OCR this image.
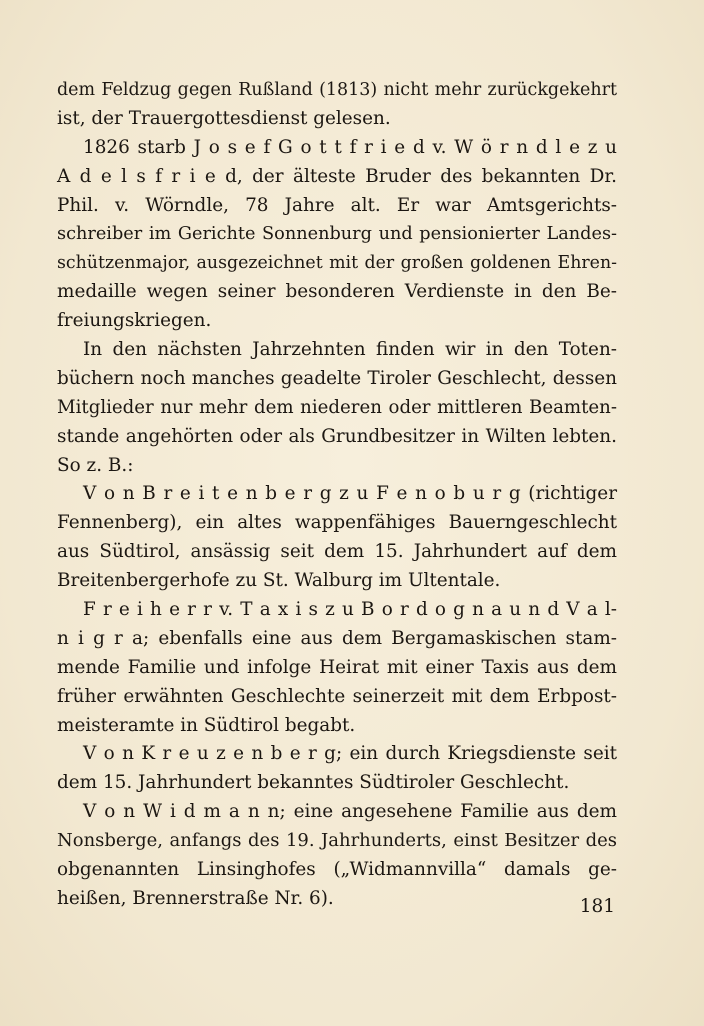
dem Feldzug gegen Rußland (1813) nicht mehr zurückgekehrt
ist, der Trauergottesdienst gelesen.
1826 starb J o s e f G o t t f r i e d v. W ö r n d l e z u
A d e l s f r i e d, der älteste Bruder des bekannten Dr.
Phil. v. Wörndle, 78 Jahre alt. Er war Amtsgerichts-
schreiber im Gerichte Sonnenburg und pensionierter Landes-
schützenmajor, ausgezeichnet mit der großen goldenen Ehren-
medaille wegen seiner besonderen Verdienste in den Be-
freiungskriegen.
In den nächsten Jahrzehnten finden wir in den Toten-
büchern noch manches geadelte Tiroler Geschlecht, dessen
Mitglieder nur mehr dem niederen oder mittleren Beamten-
stande angehörten oder als Grundbesitzer in Wilten lebten.
So z. B.:
V o n B r e i t e n b e r g z u F e n o b u r g (richtiger
Fennenberg), ein altes wappenfähiges Bauerngeschlecht
aus Südtirol, ansässig seit dem 15. Jahrhundert auf dem
Breitenbergerhofe zu St. Walburg im Ultentale.
F r e i h e r r v. T a x i s z u B o r d o g n a u n d V a l-
n i g r a; ebenfalls eine aus dem Bergamaskischen stam-
mende Familie und infolge Heirat mit einer Taxis aus dem
früher erwähnten Geschlechte seinerzeit mit dem Erbpost-
meisteramte in Südtirol begabt.
V o n K r e u z e n b e r g; ein durch Kriegsdienste seit
dem 15. Jahrhundert bekanntes Südtiroler Geschlecht.
V o n W i d m a n n; eine angesehene Familie aus dem
Nonsberge, anfangs des 19. Jahrhunderts, einst Besitzer des
obgenannten Linsinghofes („Widmannvilla“ damals ge-
heißen, Brennerstraße Nr. 6).	181
